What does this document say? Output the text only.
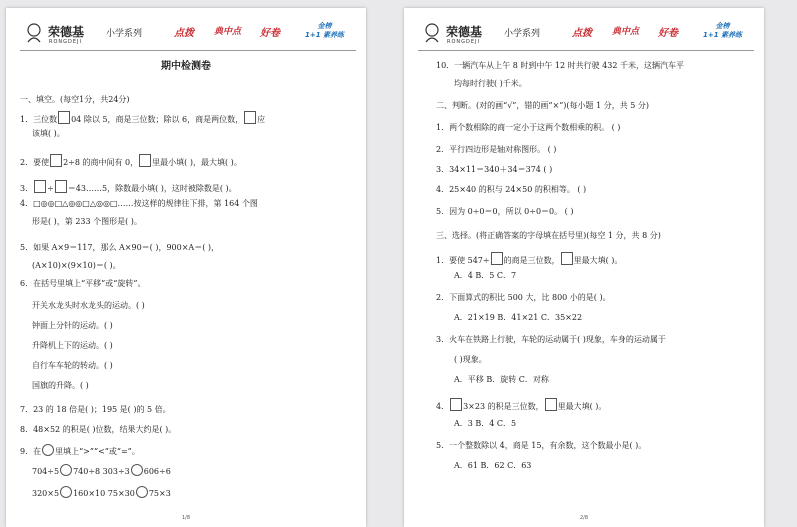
荣德基
RONGDEJI
小学系列	点拨 典中点 好卷
金榜
1+1 素养练
期中检测卷
一、填空。(每空1分，共24分)
1．三位数 04 除以 5，商是三位数；除以 6，商是两位数， 应
该填( )。
2．要使 2÷8 的商中间有 0， 里最小填( )，最大填( )。
3． ÷ ＝43……5，除数最小填( )，这时被除数是( )。
4．□◎◎□△◎◎□△◎◎□……按这样的规律往下排，第 164 个图
形是( )，第 233 个图形是( )。
5．如果 A×9＝117，那么 A×90＝( )，900×A＝( )，
(A×10)×(9×10)＝( )。
6．在括号里填上“平移”或“旋转”。
开关水龙头时水龙头的运动。( )
钟面上分针的运动。( )
升降机上下的运动。( )
自行车车轮的转动。( )
国旗的升降。( )
7．23 的 18 倍是( )；195 是( )的 5 倍。
8．48×52 的积是( )位数，结果大约是( )。
9．在 里填上“>”“<”或“=”。
704÷5 740÷8 303÷3 606÷6
320×5 160×10 75×30 75×3
1/8
荣德基
RONGDEJI
小学系列	点拨 典中点 好卷
金榜
1+1 素养练
10．一辆汽车从上午 8 时到中午 12 时共行驶 432 千米，这辆汽车平
均每时行驶( )千米。
二、判断。(对的画“√”，错的画“×”)(每小题 1 分，共 5 分)
1．两个数相除的商一定小于这两个数相乘的积。 ( )
2．平行四边形是轴对称图形。 ( )
3．34×11＝340＋34＝374 ( )
4．25×40 的积与 24×50 的积相等。 ( )
5．因为 0÷0＝0，所以 0÷0＝0。 ( )
三、选择。(将正确答案的字母填在括号里)(每空 1 分，共 8 分)
1．要使 547÷ 的商是三位数， 里最大填( )。
A．4 B．5 C．7
2．下面算式的积比 500 大，比 800 小的是( )。
A．21×19 B．41×21 C．35×22
3．火车在铁路上行驶，车轮的运动属于( )现象，车身的运动属于
( )现象。
A．平移 B．旋转 C．对称
4． 3×23 的积是三位数， 里最大填( )。
A．3 B．4 C．5
5．一个整数除以 4，商是 15，有余数，这个数最小是( )。
A．61 B．62 C．63
2/8
